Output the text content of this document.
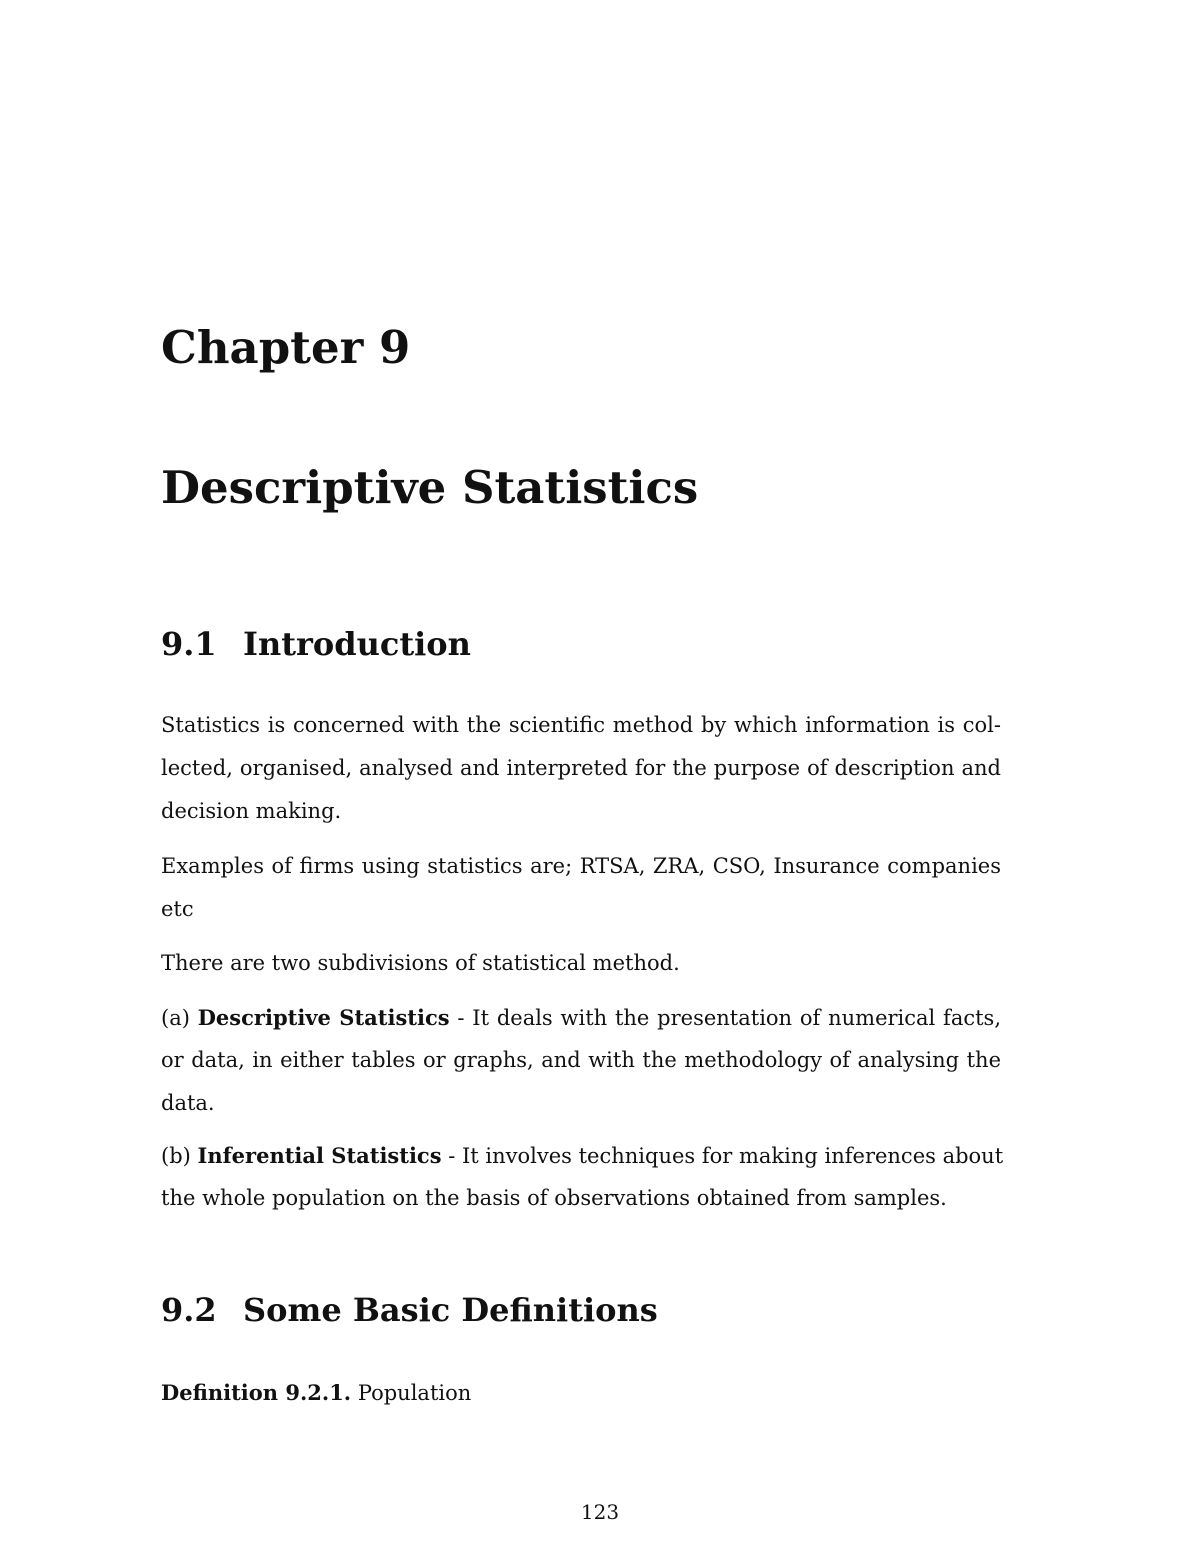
Chapter 9
Descriptive Statistics
9.1 Introduction

Statistics is concerned with the scientific method by which information is col-
lected, organised, analysed and interpreted for the purpose of description and
decision making.

Examples of firms using statistics are; RTSA, ZRA, CSO, Insurance companies
etc

There are two subdivisions of statistical method.

(a) Descriptive Statistics - It deals with the presentation of numerical facts,
or data, in either tables or graphs, and with the methodology of analysing the
data.

(b) Inferential Statistics - It involves techniques for making inferences about
the whole population on the basis of observations obtained from samples.

9.2 Some Basic Definitions

Definition 9.2.1. Population

123
